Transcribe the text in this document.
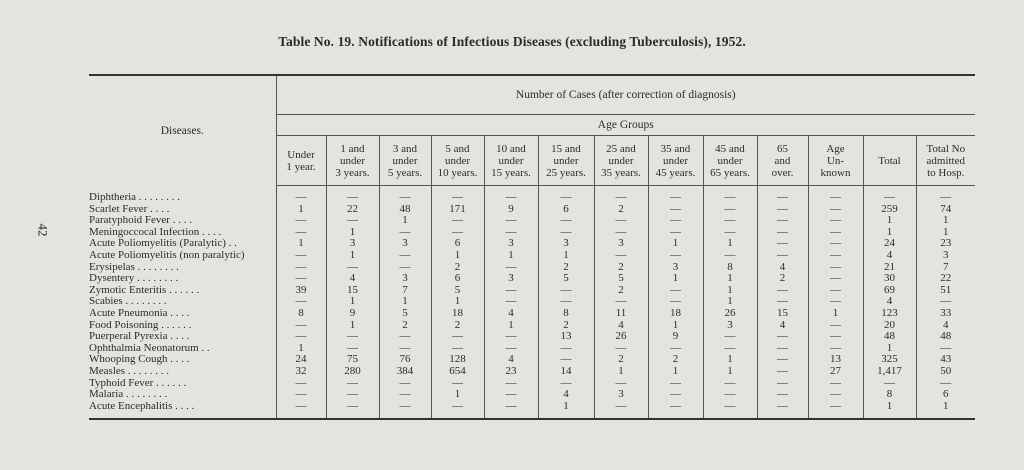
Table No. 19. Notifications of Infectious Diseases (excluding Tuberculosis), 1952.
42
Diseases.	Number of Cases (after correction of diagnosis)												
	Age Groups												

	Under
1 year.	1 and
under
3 years.	3 and
under
5 years.	5 and
under
10 years.	10 and
under
15 years.	15 and
under
25 years.	25 and
under
35 years.	35 and
under
45 years.	45 and
under
65 years.	65
and
over.	Age
Un-
known	Total	Total No
admitted
to Hosp.

Diphtheria . . . . . . . .	—	—	—	—	—	—	—	—	—	—	—	—	—
Scarlet Fever . . . .	1	22	48	171	9	6	2	—	—	—	—	259	74
Paratyphoid Fever . . . .	—	—	1	—	—	—	—	—	—	—	—	1	1
Meningoccocal Infection . . . .	—	1	—	—	—	—	—	—	—	—	—	1	1
Acute Poliomyelitis (Paralytic) . .	1	3	3	6	3	3	3	1	1	—	—	24	23
Acute Poliomyelitis (non paralytic)	—	1	—	1	1	1	—	—	—	—	—	4	3
Erysipelas . . . . . . . .	—	—	—	2	—	2	2	3	8	4	—	21	7
Dysentery . . . . . . . .	—	4	3	6	3	5	5	1	1	2	—	30	22
Zymotic Enteritis . . . . . .	39	15	7	5	—	—	2	—	1	—	—	69	51
Scabies . . . . . . . .	—	1	1	1	—	—	—	—	1	—	—	4	—
Acute Pneumonia . . . .	8	9	5	18	4	8	11	18	26	15	1	123	33
Food Poisoning . . . . . .	—	1	2	2	1	2	4	1	3	4	—	20	4
Puerperal Pyrexia . . . .	—	—	—	—	—	13	26	9	—	—	—	48	48
Ophthalmia Neonatorum . .	1	—	—	—	—	—	—	—	—	—	—	1	—
Whooping Cough . . . .	24	75	76	128	4	—	2	2	1	—	13	325	43
Measles . . . . . . . .	32	280	384	654	23	14	1	1	1	—	27	1,417	50
Typhoid Fever . . . . . .	—	—	—	—	—	—	—	—	—	—	—	—	—
Malaria . . . . . . . .	—	—	—	1	—	4	3	—	—	—	—	8	6
Acute Encephalitis . . . .	—	—	—	—	—	1	—	—	—	—	—	1	1
